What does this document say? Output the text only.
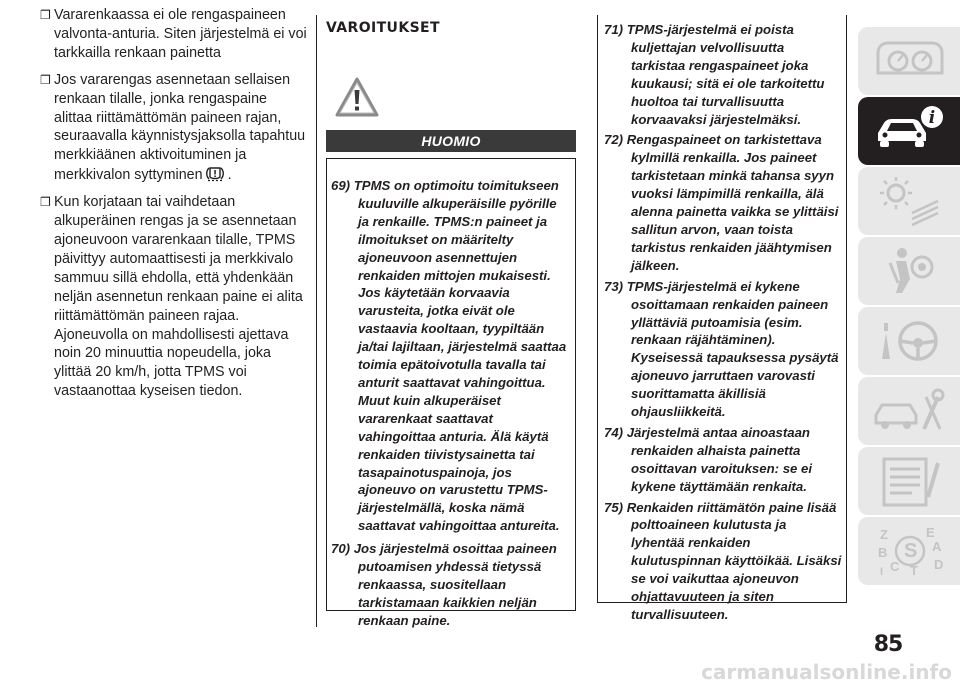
❒ Vararenkaassa ei ole rengaspaineen valvonta-anturia. Siten järjestelmä ei voi tarkkailla renkaan painetta
❒ Jos vararengas asennetaan sellaisen renkaan tilalle, jonka rengaspaine alittaa riittämättömän paineen rajan, seuraavalla käynnistysjaksolla tapahtuu merkkiäänen aktivoituminen ja merkkivalon syttyminen .
❒ Kun korjataan tai vaihdetaan alkuperäinen rengas ja se asennetaan ajoneuvoon vararenkaan tilalle, TPMS päivittyy automaattisesti ja merkkivalo sammuu sillä ehdolla, että yhdenkään neljän asennetun renkaan paine ei alita riittämättömän paineen rajaa. Ajoneuvolla on mahdollisesti ajettava noin 20 minuuttia nopeudella, joka ylittää 20 km/h, jotta TPMS voi vastaanottaa kyseisen tiedon.
VAROITUKSET
HUOMIO

69) TPMS on optimoitu toimitukseen kuuluville alkuperäisille pyörille ja renkaille. TPMS:n paineet ja ilmoitukset on määritelty ajoneuvoon asennettujen renkaiden mittojen mukaisesti. Jos käytetään korvaavia varusteita, jotka eivät ole vastaavia kooltaan, tyypiltään ja/tai lajiltaan, järjestelmä saattaa toimia epätoivotulla tavalla tai anturit saattavat vahingoittua. Muut kuin alkuperäiset vararenkaat saattavat vahingoittaa anturia. Älä käytä renkaiden tiivistysainetta tai tasapainotuspainoja, jos ajoneuvo on varustettu TPMS-järjestelmällä, koska nämä saattavat vahingoittaa antureita.

70) Jos järjestelmä osoittaa paineen putoamisen yhdessä tietyssä renkaassa, suositellaan tarkistamaan kaikkien neljän renkaan paine.

71) TPMS-järjestelmä ei poista kuljettajan velvollisuutta tarkistaa rengaspaineet joka kuukausi; sitä ei ole tarkoitettu huoltoa tai turvallisuutta korvaavaksi järjestelmäksi.

72) Rengaspaineet on tarkistettava kylmillä renkailla. Jos paineet tarkistetaan minkä tahansa syyn vuoksi lämpimillä renkailla, älä alenna painetta vaikka se ylittäisi sallitun arvon, vaan toista tarkistus renkaiden jäähtymisen jälkeen.

73) TPMS-järjestelmä ei kykene osoittamaan renkaiden paineen yllättäviä putoamisia (esim. renkaan räjähtäminen). Kyseisessä tapauksessa pysäytä ajoneuvo jarruttaen varovasti suorittamatta äkillisiä ohjausliikkeitä.

74) Järjestelmä antaa ainoastaan renkaiden alhaista painetta osoittavan varoituksen: se ei kykene täyttämään renkaita.

75) Renkaiden riittämätön paine lisää polttoaineen kulutusta ja lyhentää renkaiden kulutuspinnan käyttöikää. Lisäksi se voi vaikuttaa ajoneuvon ohjattavuuteen ja siten turvallisuuteen.

i
Z	E
A
S
B
C	D
I T
85
carmanualsonline.info
